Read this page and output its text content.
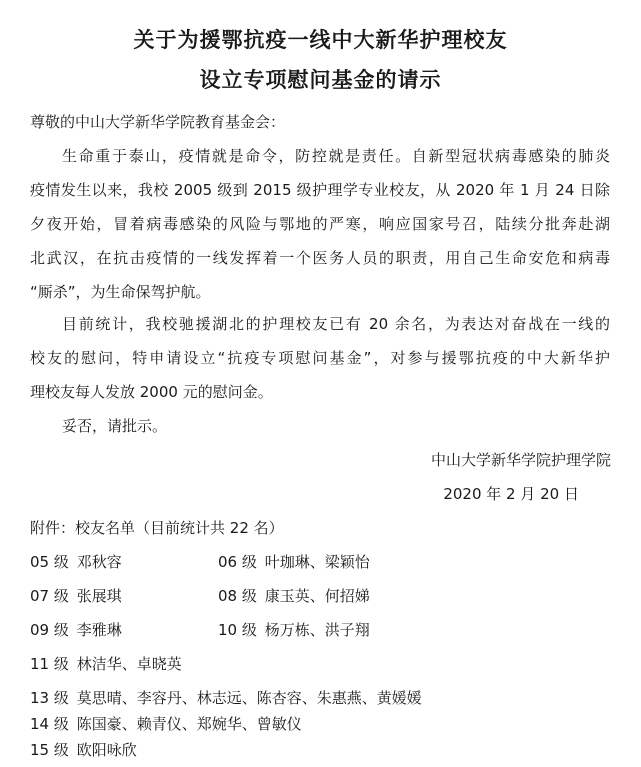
关于为援鄂抗疫一线中大新华护理校友
设立专项慰问基金的请示
尊敬的中山大学新华学院教育基金会：
生命重于泰山，疫情就是命令，防控就是责任。自新型冠状病毒感染的肺炎
疫情发生以来，我校 2005 级到 2015 级护理学专业校友，从 2020 年 1 月 24 日除
夕夜开始，冒着病毒感染的风险与鄂地的严寒，响应国家号召，陆续分批奔赴湖
北武汉，在抗击疫情的一线发挥着一个医务人员的职责，用自己生命安危和病毒
“厮杀”，为生命保驾护航。
目前统计，我校驰援湖北的护理校友已有 20 余名，为表达对奋战在一线的
校友的慰问，特申请设立“抗疫专项慰问基金”，对参与援鄂抗疫的中大新华护
理校友每人发放 2000 元的慰问金。
妥否，请批示。
中山大学新华学院护理学院
2020 年 2 月 20 日
附件：校友名单（目前统计共 22 名）
05 级 邓秋容	06 级 叶珈琳、梁颖怡
07 级 张展琪	08 级 康玉英、何招娣
09 级 李雅琳	10 级 杨万栋、洪子翔
11 级 林洁华、卓晓英
13 级 莫思晴、李容丹、林志远、陈杏容、朱惠燕、黄媛媛
14 级 陈国豪、赖青仪、郑婉华、曾敏仪
15 级 欧阳咏欣
